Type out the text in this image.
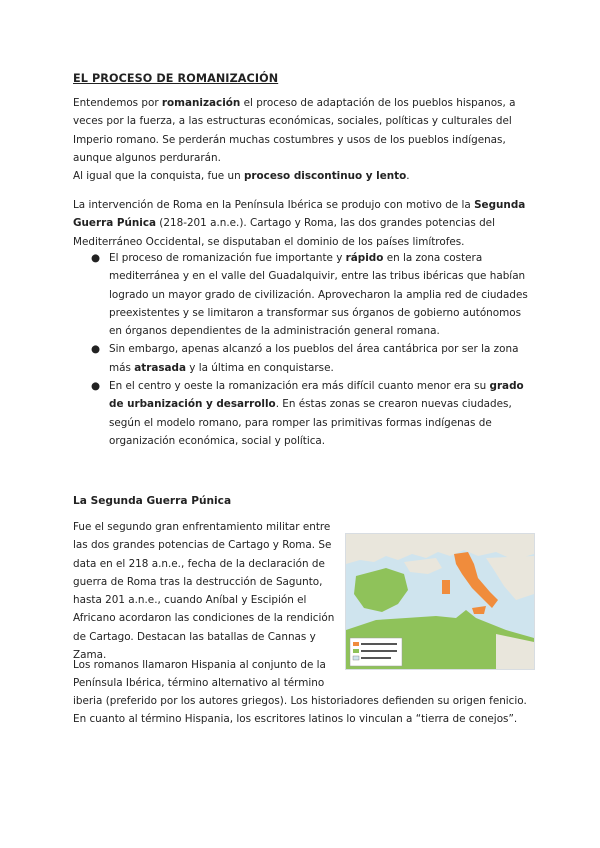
EL PROCESO DE ROMANIZACIÓN

Entendemos por romanización el proceso de adaptación de los pueblos hispanos, a veces por la fuerza, a las estructuras económicas, sociales, políticas y culturales del Imperio romano. Se perderán muchas costumbres y usos de los pueblos indígenas, aunque algunos perdurarán.
Al igual que la conquista, fue un proceso discontinuo y lento.

La intervención de Roma en la Península Ibérica se produjo con motivo de la Segunda Guerra Púnica (218-201 a.n.e.). Cartago y Roma, las dos grandes potencias del Mediterráneo Occidental, se disputaban el dominio de los países limítrofes.

● El proceso de romanización fue importante y rápido en la zona costera mediterránea y en el valle del Guadalquivir, entre las tribus ibéricas que habían logrado un mayor grado de civilización. Aprovecharon la amplia red de ciudades preexistentes y se limitaron a transformar sus órganos de gobierno autónomos en órganos dependientes de la administración general romana.
● Sin embargo, apenas alcanzó a los pueblos del área cantábrica por ser la zona más atrasada y la última en conquistarse.
● En el centro y oeste la romanización era más difícil cuanto menor era su grado de urbanización y desarrollo. En éstas zonas se crearon nuevas ciudades, según el modelo romano, para romper las primitivas formas indígenas de organización económica, social y política.
La Segunda Guerra Púnica

Fue el segundo gran enfrentamiento militar entre las dos grandes potencias de Cartago y Roma. Se data en el 218 a.n.e., fecha de la declaración de guerra de Roma tras la destrucción de Sagunto, hasta 201 a.n.e., cuando Aníbal y Escipión el Africano acordaron las condiciones de la rendición de Cartago. Destacan las batallas de Cannas y Zama.

Los romanos llamaron Hispania al conjunto de la Península Ibérica, término alternativo al término

iberia (preferido por los autores griegos). Los historiadores defienden su origen fenicio. En cuanto al término Hispania, los escritores latinos lo vinculan a “tierra de conejos”.
